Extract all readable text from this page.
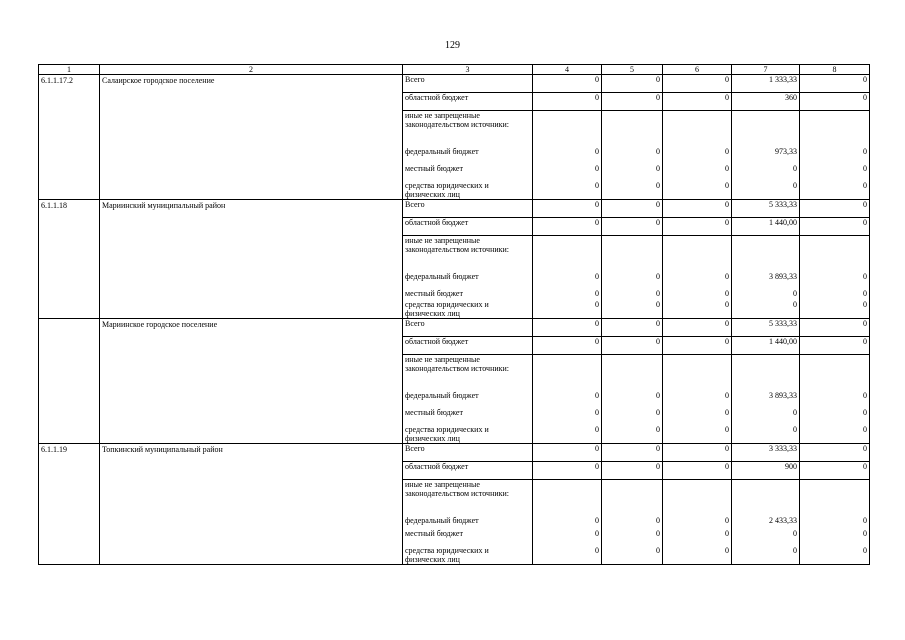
129
1	2	3	4	5	6	7	8
6.1.1.17.2	Салаирское городское поселение	Всего	0	0	0	1 333,33	0
		областной бюджет	0	0	0	360	0
		иные не запрещенные законодательством источники:					
		федеральный бюджет	0	0	0	973,33	0
		местный бюджет	0	0	0	0	0
		средства юридических и физических лиц	0	0	0	0	0
6.1.1.18	Мариинский муниципальный район	Всего	0	0	0	5 333,33	0
		областной бюджет	0	0	0	1 440,00	0
		иные не запрещенные законодательством источники:					
		федеральный бюджет	0	0	0	3 893,33	0
		местный бюджет	0	0	0	0	0
		средства юридических и физических лиц	0	0	0	0	0
	Мариинское городское поселение	Всего	0	0	0	5 333,33	0
		областной бюджет	0	0	0	1 440,00	0
		иные не запрещенные законодательством источники:					
		федеральный бюджет	0	0	0	3 893,33	0
		местный бюджет	0	0	0	0	0
		средства юридических и физических лиц	0	0	0	0	0
6.1.1.19	Топкинский муниципальный район	Всего	0	0	0	3 333,33	0
		областной бюджет	0	0	0	900	0
		иные не запрещенные законодательством источники:					
		федеральный бюджет	0	0	0	2 433,33	0
		местный бюджет	0	0	0	0	0
		средства юридических и физических лиц	0	0	0	0	0
